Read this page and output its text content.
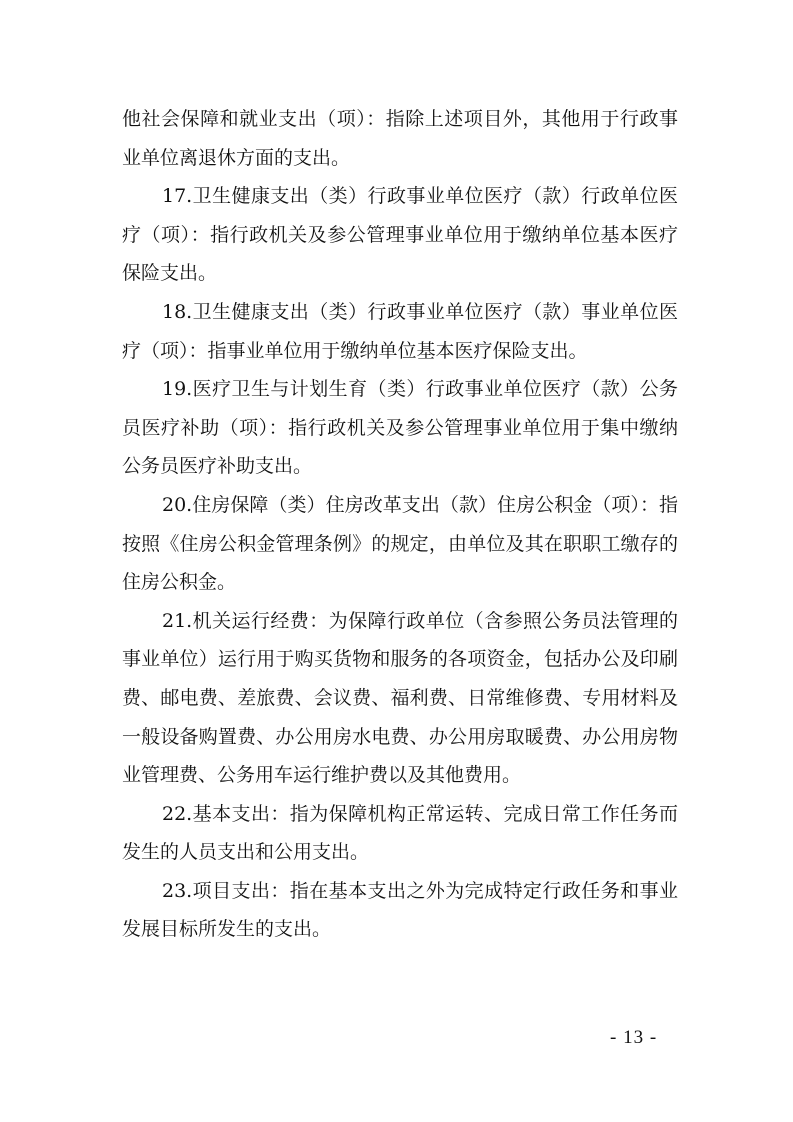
他社会保障和就业支出（项）：指除上述项目外，其他用于行政事业单位离退休方面的支出。

17.卫生健康支出（类）行政事业单位医疗（款）行政单位医疗（项）：指行政机关及参公管理事业单位用于缴纳单位基本医疗保险支出。

18.卫生健康支出（类）行政事业单位医疗（款）事业单位医疗（项）：指事业单位用于缴纳单位基本医疗保险支出。

19.医疗卫生与计划生育（类）行政事业单位医疗（款）公务员医疗补助（项）：指行政机关及参公管理事业单位用于集中缴纳公务员医疗补助支出。

20.住房保障（类）住房改革支出（款）住房公积金（项）：指按照《住房公积金管理条例》的规定，由单位及其在职职工缴存的住房公积金。

21.机关运行经费：为保障行政单位（含参照公务员法管理的事业单位）运行用于购买货物和服务的各项资金，包括办公及印刷费、邮电费、差旅费、会议费、福利费、日常维修费、专用材料及一般设备购置费、办公用房水电费、办公用房取暖费、办公用房物业管理费、公务用车运行维护费以及其他费用。

22.基本支出：指为保障机构正常运转、完成日常工作任务而发生的人员支出和公用支出。

23.项目支出：指在基本支出之外为完成特定行政任务和事业发展目标所发生的支出。

- 13 -
